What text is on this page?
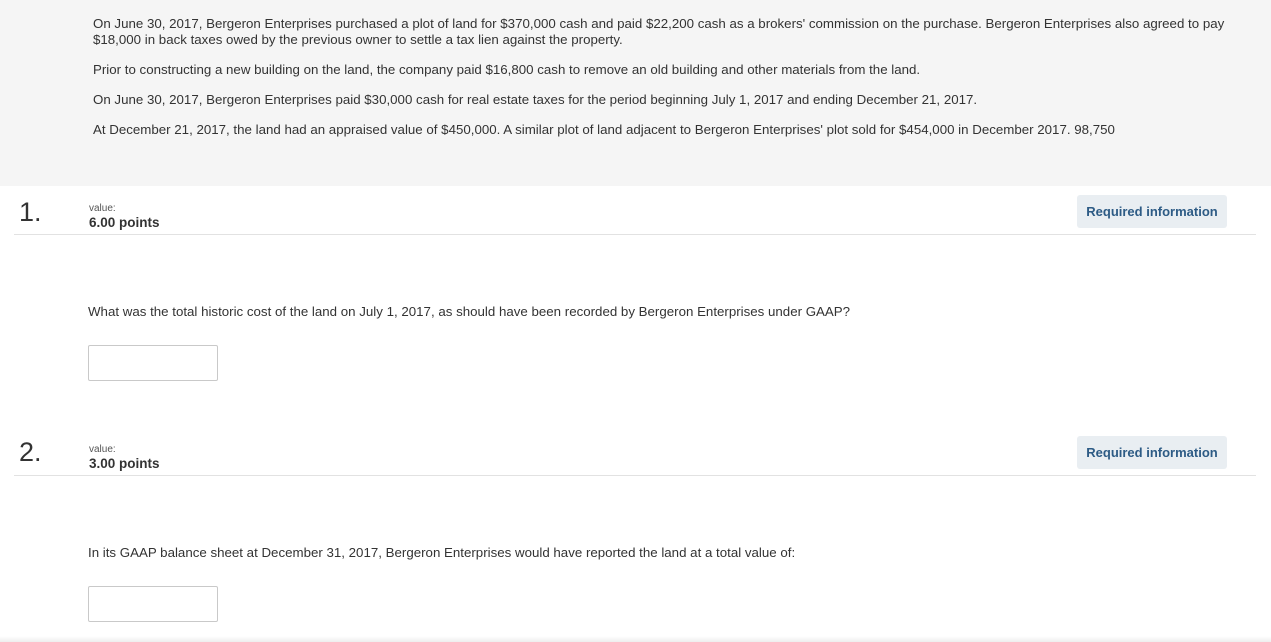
On June 30, 2017, Bergeron Enterprises purchased a plot of land for $370,000 cash and paid $22,200 cash as a brokers' commission on the purchase. Bergeron Enterprises also agreed to pay

$18,000 in back taxes owed by the previous owner to settle a tax lien against the property.

Prior to constructing a new building on the land, the company paid $16,800 cash to remove an old building and other materials from the land.

On June 30, 2017, Bergeron Enterprises paid $30,000 cash for real estate taxes for the period beginning July 1, 2017 and ending December 21, 2017.

At December 21, 2017, the land had an appraised value of $450,000. A similar plot of land adjacent to Bergeron Enterprises' plot sold for $454,000 in December 2017. 98,750

1.	value:
6.00 points
Required information

What was the total historic cost of the land on July 1, 2017, as should have been recorded by Bergeron Enterprises under GAAP?

2.	value:
3.00 points
Required information

In its GAAP balance sheet at December 31, 2017, Bergeron Enterprises would have reported the land at a total value of:
